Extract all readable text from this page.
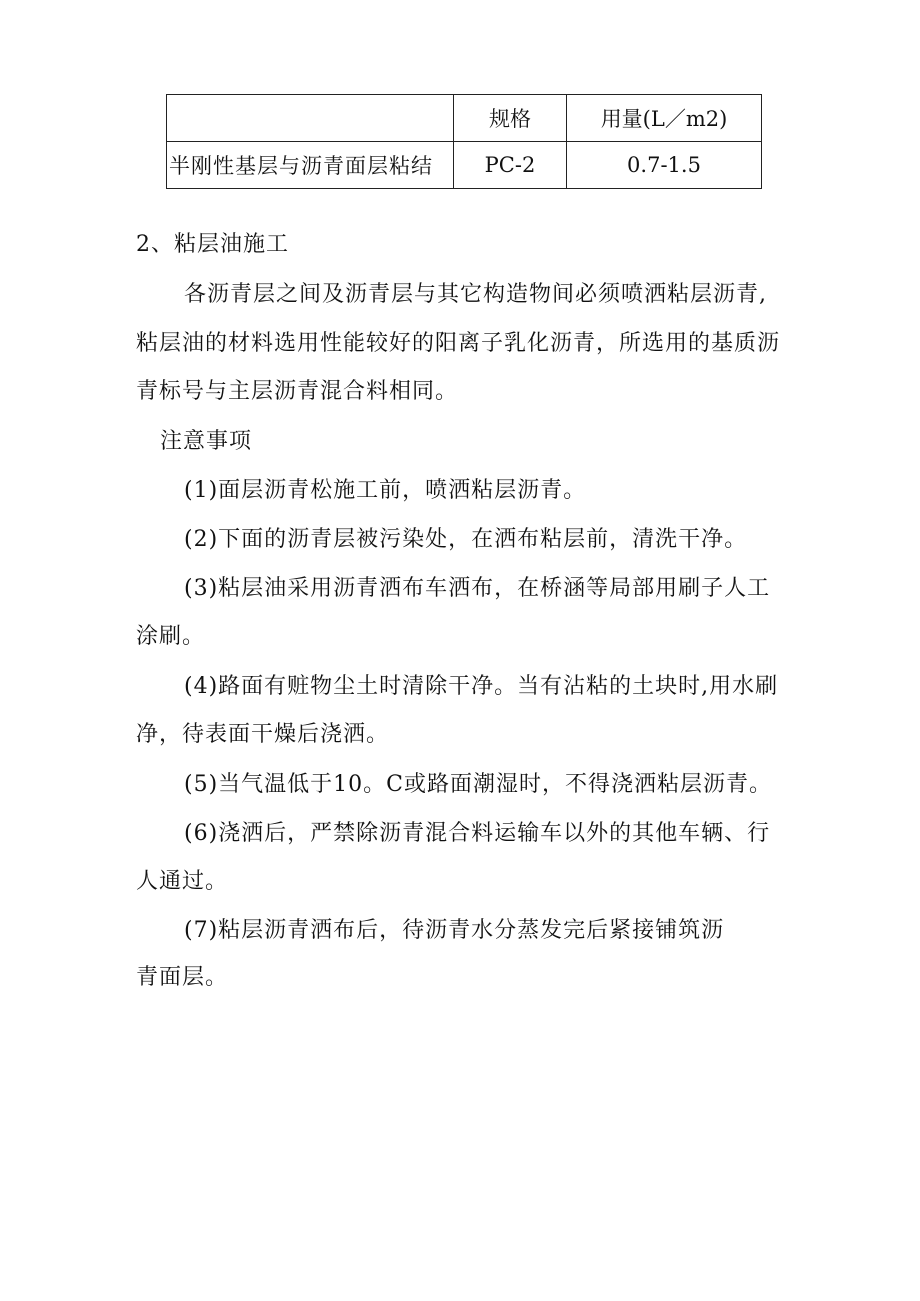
	规格	用量(L／m2)
半刚性基层与沥青面层粘结	PC-2	0.7-1.5
2、粘层油施工
各沥青层之间及沥青层与其它构造物间必须喷洒粘层沥青,
粘层油的材料选用性能较好的阳离子乳化沥青，所选用的基质沥
青标号与主层沥青混合料相同。
注意事项
(1)面层沥青松施工前，喷洒粘层沥青。
(2)下面的沥青层被污染处，在洒布粘层前，清洗干净。
(3)粘层油采用沥青洒布车洒布，在桥涵等局部用刷子人工
涂刷。
(4)路面有赃物尘土时清除干净。当有沾粘的土块时,用水刷
净，待表面干燥后浇洒。
(5)当气温低于10。C或路面潮湿时，不得浇洒粘层沥青。
(6)浇洒后，严禁除沥青混合料运输车以外的其他车辆、行
人通过。
(7)粘层沥青洒布后，待沥青水分蒸发完后紧接铺筑沥
青面层。
